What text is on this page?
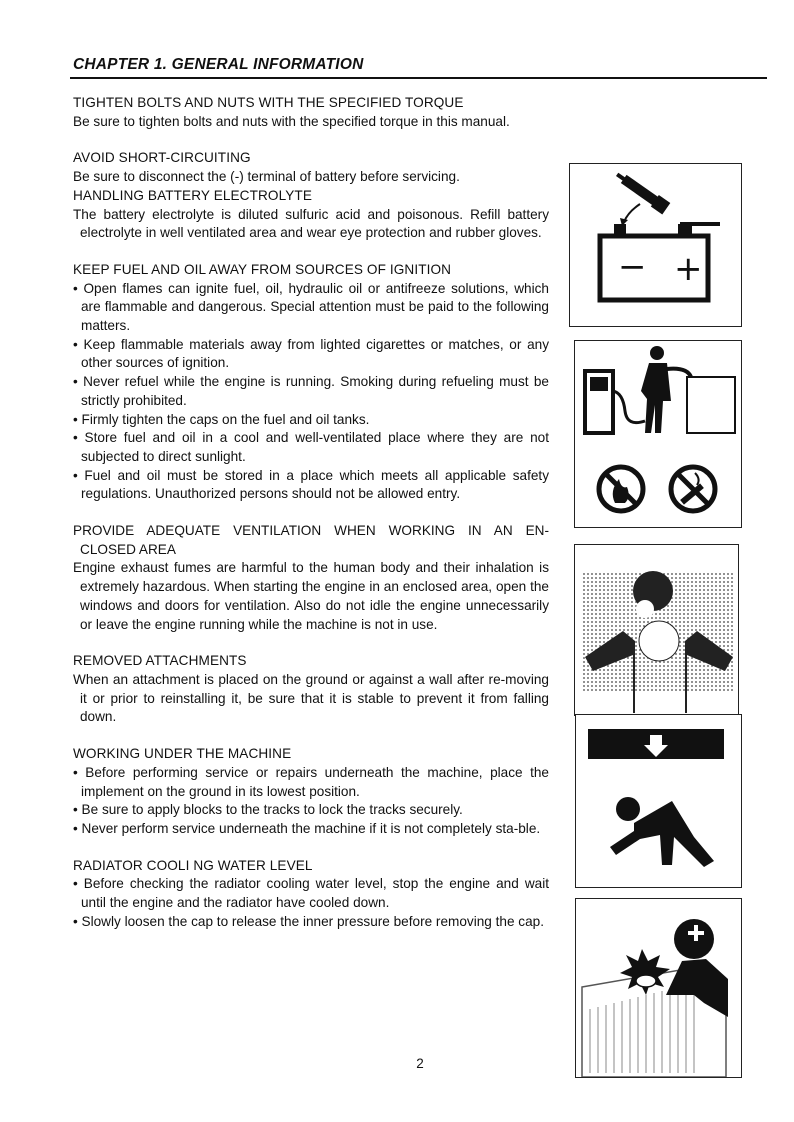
CHAPTER 1. GENERAL INFORMATION
TIGHTEN BOLTS AND NUTS WITH THE SPECIFIED TORQUE
Be sure to tighten bolts and nuts with the specified torque in this manual.
AVOID SHORT-CIRCUITING
Be sure to disconnect the (-) terminal of battery before servicing.
HANDLING BATTERY ELECTROLYTE
The battery electrolyte is diluted sulfuric acid and poisonous. Refill battery electrolyte in well ventilated area and wear eye protection and rubber gloves.
KEEP FUEL AND OIL AWAY FROM SOURCES OF IGNITION
• Open flames can ignite fuel, oil, hydraulic oil or antifreeze solutions, which are flammable and dangerous. Special attention must be paid to the following matters.
• Keep flammable materials away from lighted cigarettes or matches, or any other sources of ignition.
• Never refuel while the engine is running. Smoking during refueling must be strictly prohibited.
• Firmly tighten the caps on the fuel and oil tanks.
• Store fuel and oil in a cool and well-ventilated place where they are not subjected to direct sunlight.
• Fuel and oil must be stored in a place which meets all applicable safety regulations. Unauthorized persons should not be allowed entry.
PROVIDE ADEQUATE VENTILATION WHEN WORKING IN AN EN-
CLOSED AREA
Engine exhaust fumes are harmful to the human body and their inhalation is extremely hazardous. When starting the engine in an enclosed area, open the windows and doors for ventilation. Also do not idle the engine unnecessarily or leave the engine running while the machine is not in use.
REMOVED ATTACHMENTS
When an attachment is placed on the ground or against a wall after re-moving it or prior to reinstalling it, be sure that it is stable to prevent it from falling down.
WORKING UNDER THE MACHINE
• Before performing service or repairs underneath the machine, place the implement on the ground in its lowest position.
• Be sure to apply blocks to the tracks to lock the tracks securely.
• Never perform service underneath the machine if it is not completely sta-ble.
RADIATOR COOLI NG WATER LEVEL
• Before checking the radiator cooling water level, stop the engine and wait until the engine and the radiator have cooled down.
• Slowly loosen the cap to release the inner pressure before removing the cap.
− +
2
